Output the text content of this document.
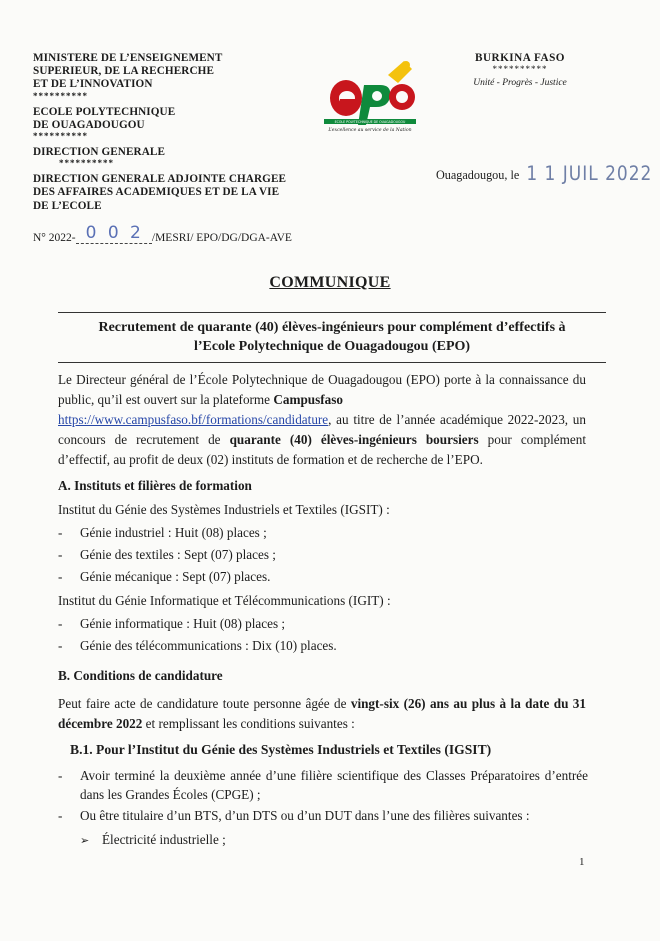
MINISTERE DE L’ENSEIGNEMENT
SUPERIEUR, DE LA RECHERCHE
ET DE L’INNOVATION
**********
ECOLE POLYTECHNIQUE
DE OUAGADOUGOU
**********
DIRECTION GENERALE
**********
DIRECTION GENERALE ADJOINTE CHARGEE
DES AFFAIRES ACADEMIQUES ET DE LA VIE
DE L’ECOLE
ECOLE POLYTECHNIQUE DE OUAGADOUGOU
L’excellence au service de la Nation
BURKINA FASO
**********
Unité - Progrès - Justice
Ouagadougou, le 1 1 JUIL 2022
N° 2022- 0 0 2 /MESRI/ EPO/DG/DGA-AVE
COMMUNIQUE
Recrutement de quarante (40) élèves-ingénieurs pour complément d’effectifs à
l’Ecole Polytechnique de Ouagadougou (EPO)
Le Directeur général de l’École Polytechnique de Ouagadougou (EPO) porte à la connaissance du public, qu’il est ouvert sur la plateforme Campusfaso
https://www.campusfaso.bf/formations/candidature, au titre de l’année académique 2022-2023, un concours de recrutement de quarante (40) élèves-ingénieurs boursiers pour complément d’effectif, au profit de deux (02) instituts de formation et de recherche de l’EPO.
A. Instituts et filières de formation
Institut du Génie des Systèmes Industriels et Textiles (IGSIT) :
- Génie industriel : Huit (08) places ;
- Génie des textiles : Sept (07) places ;
- Génie mécanique : Sept (07) places.
Institut du Génie Informatique et Télécommunications (IGIT) :
- Génie informatique : Huit (08) places ;
- Génie des télécommunications : Dix (10) places.
B. Conditions de candidature
Peut faire acte de candidature toute personne âgée de vingt-six (26) ans au plus à la date du 31 décembre 2022 et remplissant les conditions suivantes :
B.1. Pour l’Institut du Génie des Systèmes Industriels et Textiles (IGSIT)
-	Avoir terminé la deuxième année d’une filière scientifique des Classes Préparatoires d’entrée dans les Grandes Écoles (CPGE) ;
- Ou être titulaire d’un BTS, d’un DTS ou d’un DUT dans l’une des filières suivantes :
➢ Électricité industrielle ;
1
